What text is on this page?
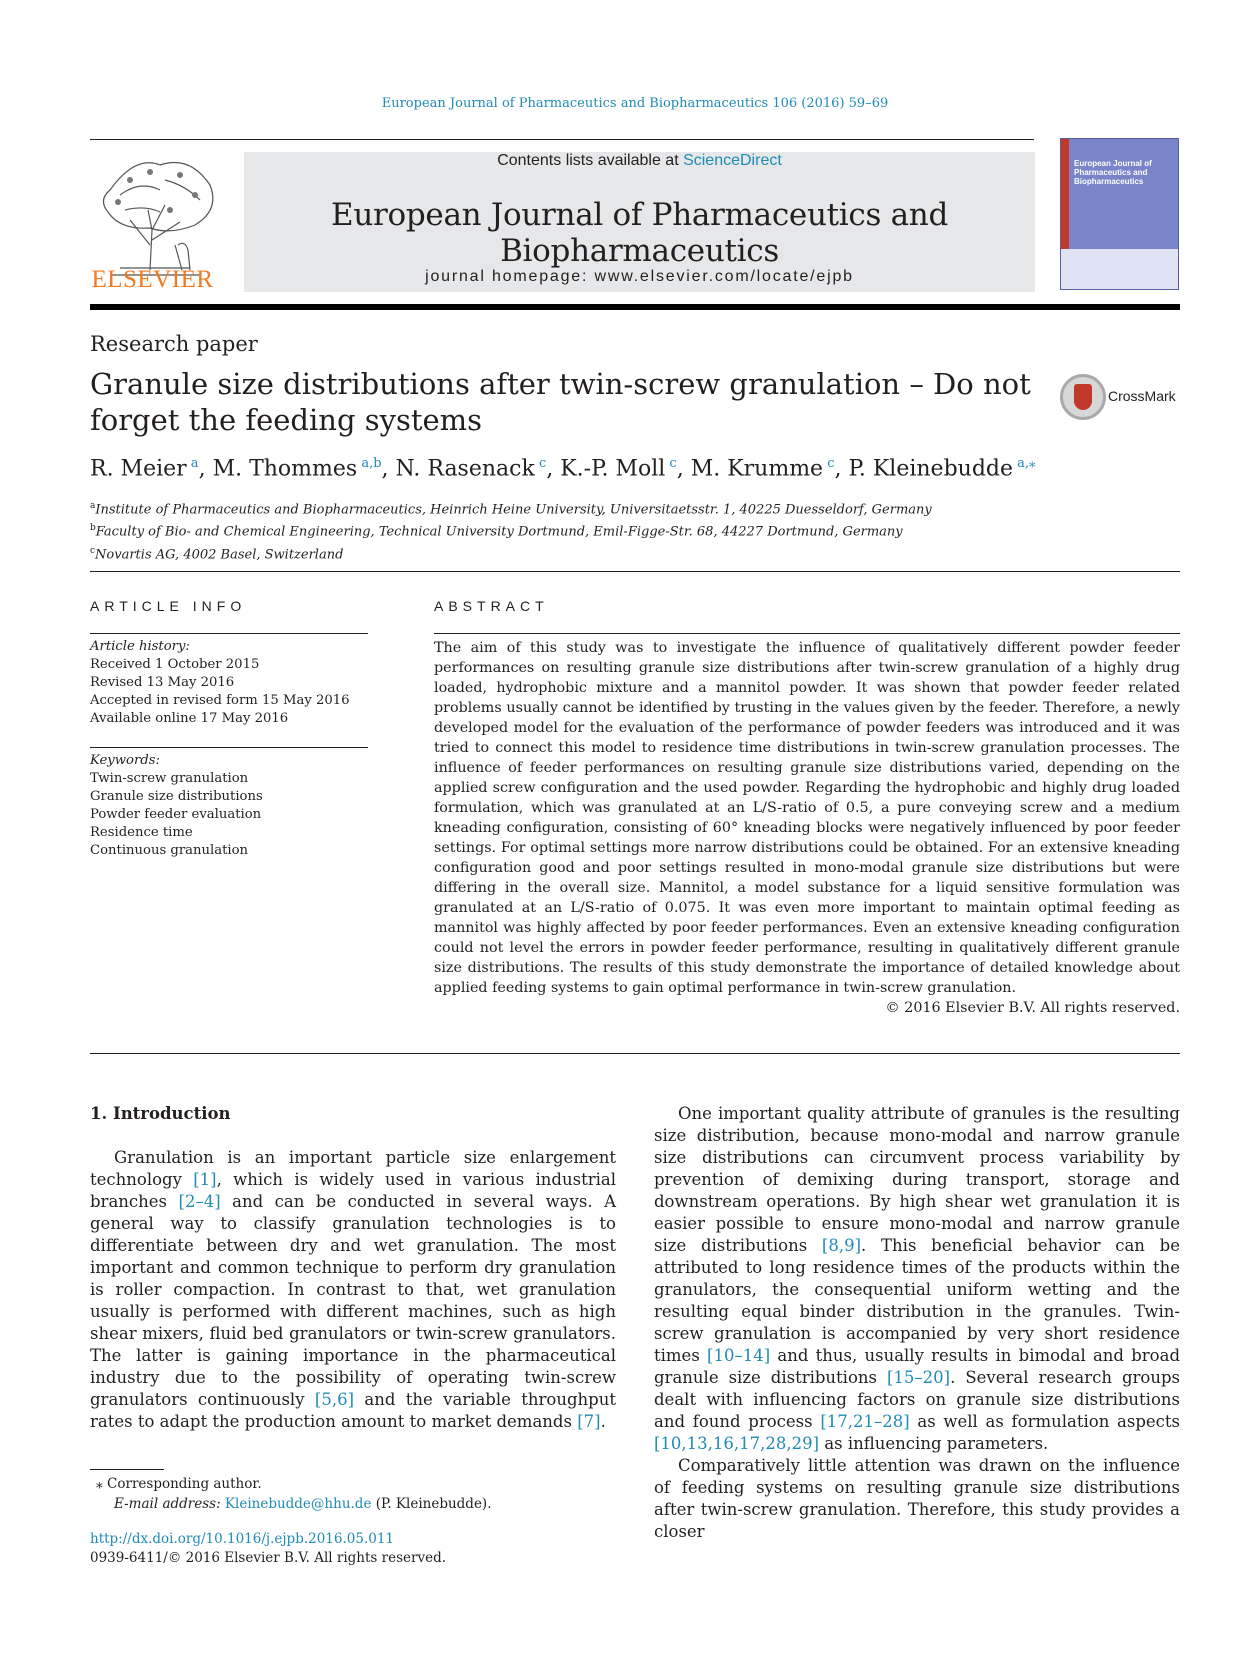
European Journal of Pharmaceutics and Biopharmaceutics 106 (2016) 59–69
ELSEVIER
Contents lists available at ScienceDirect
European Journal of Pharmaceutics and Biopharmaceutics
journal homepage: www.elsevier.com/locate/ejpb
European Journal of Pharmaceutics and Biopharmaceutics
Research paper
Granule size distributions after twin-screw granulation – Do not forget the feeding systems
CrossMark
R. Meier $^a$, M. Thommes $^{a,b}$, N. Rasenack $^c$, K.-P. Moll $^c$, M. Krumme $^c$, P. Kleinebudde $^{a,⁎}$
$^a$Institute of Pharmaceutics and Biopharmaceutics, Heinrich Heine University, Universitaetsstr. 1, 40225 Duesseldorf, Germany
$^b$Faculty of Bio- and Chemical Engineering, Technical University Dortmund, Emil-Figge-Str. 68, 44227 Dortmund, Germany
$^c$Novartis AG, 4002 Basel, Switzerland
ARTICLE INFO
Article history:
Received 1 October 2015
Revised 13 May 2016
Accepted in revised form 15 May 2016
Available online 17 May 2016
Keywords:
Twin-screw granulation
Granule size distributions
Powder feeder evaluation
Residence time
Continuous granulation
ABSTRACT
The aim of this study was to investigate the influence of qualitatively different powder feeder performances on resulting granule size distributions after twin-screw granulation of a highly drug loaded, hydrophobic mixture and a mannitol powder. It was shown that powder feeder related problems usually cannot be identified by trusting in the values given by the feeder. Therefore, a newly developed model for the evaluation of the performance of powder feeders was introduced and it was tried to connect this model to residence time distributions in twin-screw granulation processes. The influence of feeder performances on resulting granule size distributions varied, depending on the applied screw configuration and the used powder. Regarding the hydrophobic and highly drug loaded formulation, which was granulated at an L/S-ratio of 0.5, a pure conveying screw and a medium kneading configuration, consisting of 60° kneading blocks were negatively influenced by poor feeder settings. For optimal settings more narrow distributions could be obtained. For an extensive kneading configuration good and poor settings resulted in mono-modal granule size distributions but were differing in the overall size. Mannitol, a model substance for a liquid sensitive formulation was granulated at an L/S-ratio of 0.075. It was even more important to maintain optimal feeding as mannitol was highly affected by poor feeder performances. Even an extensive kneading configuration could not level the errors in powder feeder performance, resulting in qualitatively different granule size distributions. The results of this study demonstrate the importance of detailed knowledge about applied feeding systems to gain optimal performance in twin-screw granulation.
© 2016 Elsevier B.V. All rights reserved.
1. Introduction

Granulation is an important particle size enlargement technology [1], which is widely used in various industrial branches [2–4] and can be conducted in several ways. A general way to classify granulation technologies is to differentiate between dry and wet granulation. The most important and common technique to perform dry granulation is roller compaction. In contrast to that, wet granulation usually is performed with different machines, such as high shear mixers, fluid bed granulators or twin-screw granulators. The latter is gaining importance in the pharmaceutical industry due to the possibility of operating twin-screw granulators continuously [5,6] and the variable throughput rates to adapt the production amount to market demands [7].

One important quality attribute of granules is the resulting size distribution, because mono-modal and narrow granule size distributions can circumvent process variability by prevention of demixing during transport, storage and downstream operations. By high shear wet granulation it is easier possible to ensure mono-modal and narrow granule size distributions [8,9]. This beneficial behavior can be attributed to long residence times of the products within the granulators, the consequential uniform wetting and the resulting equal binder distribution in the granules. Twin-screw granulation is accompanied by very short residence times [10–14] and thus, usually results in bimodal and broad granule size distributions [15–20]. Several research groups dealt with influencing factors on granule size distributions and found process [17,21–28] as well as formulation aspects [10,13,16,17,28,29] as influencing parameters.

Comparatively little attention was drawn on the influence of feeding systems on resulting granule size distributions after twin-screw granulation. Therefore, this study provides a closer

⁎ Corresponding author.
E-mail address: Kleinebudde@hhu.de (P. Kleinebudde).
http://dx.doi.org/10.1016/j.ejpb.2016.05.011
0939-6411/© 2016 Elsevier B.V. All rights reserved.
